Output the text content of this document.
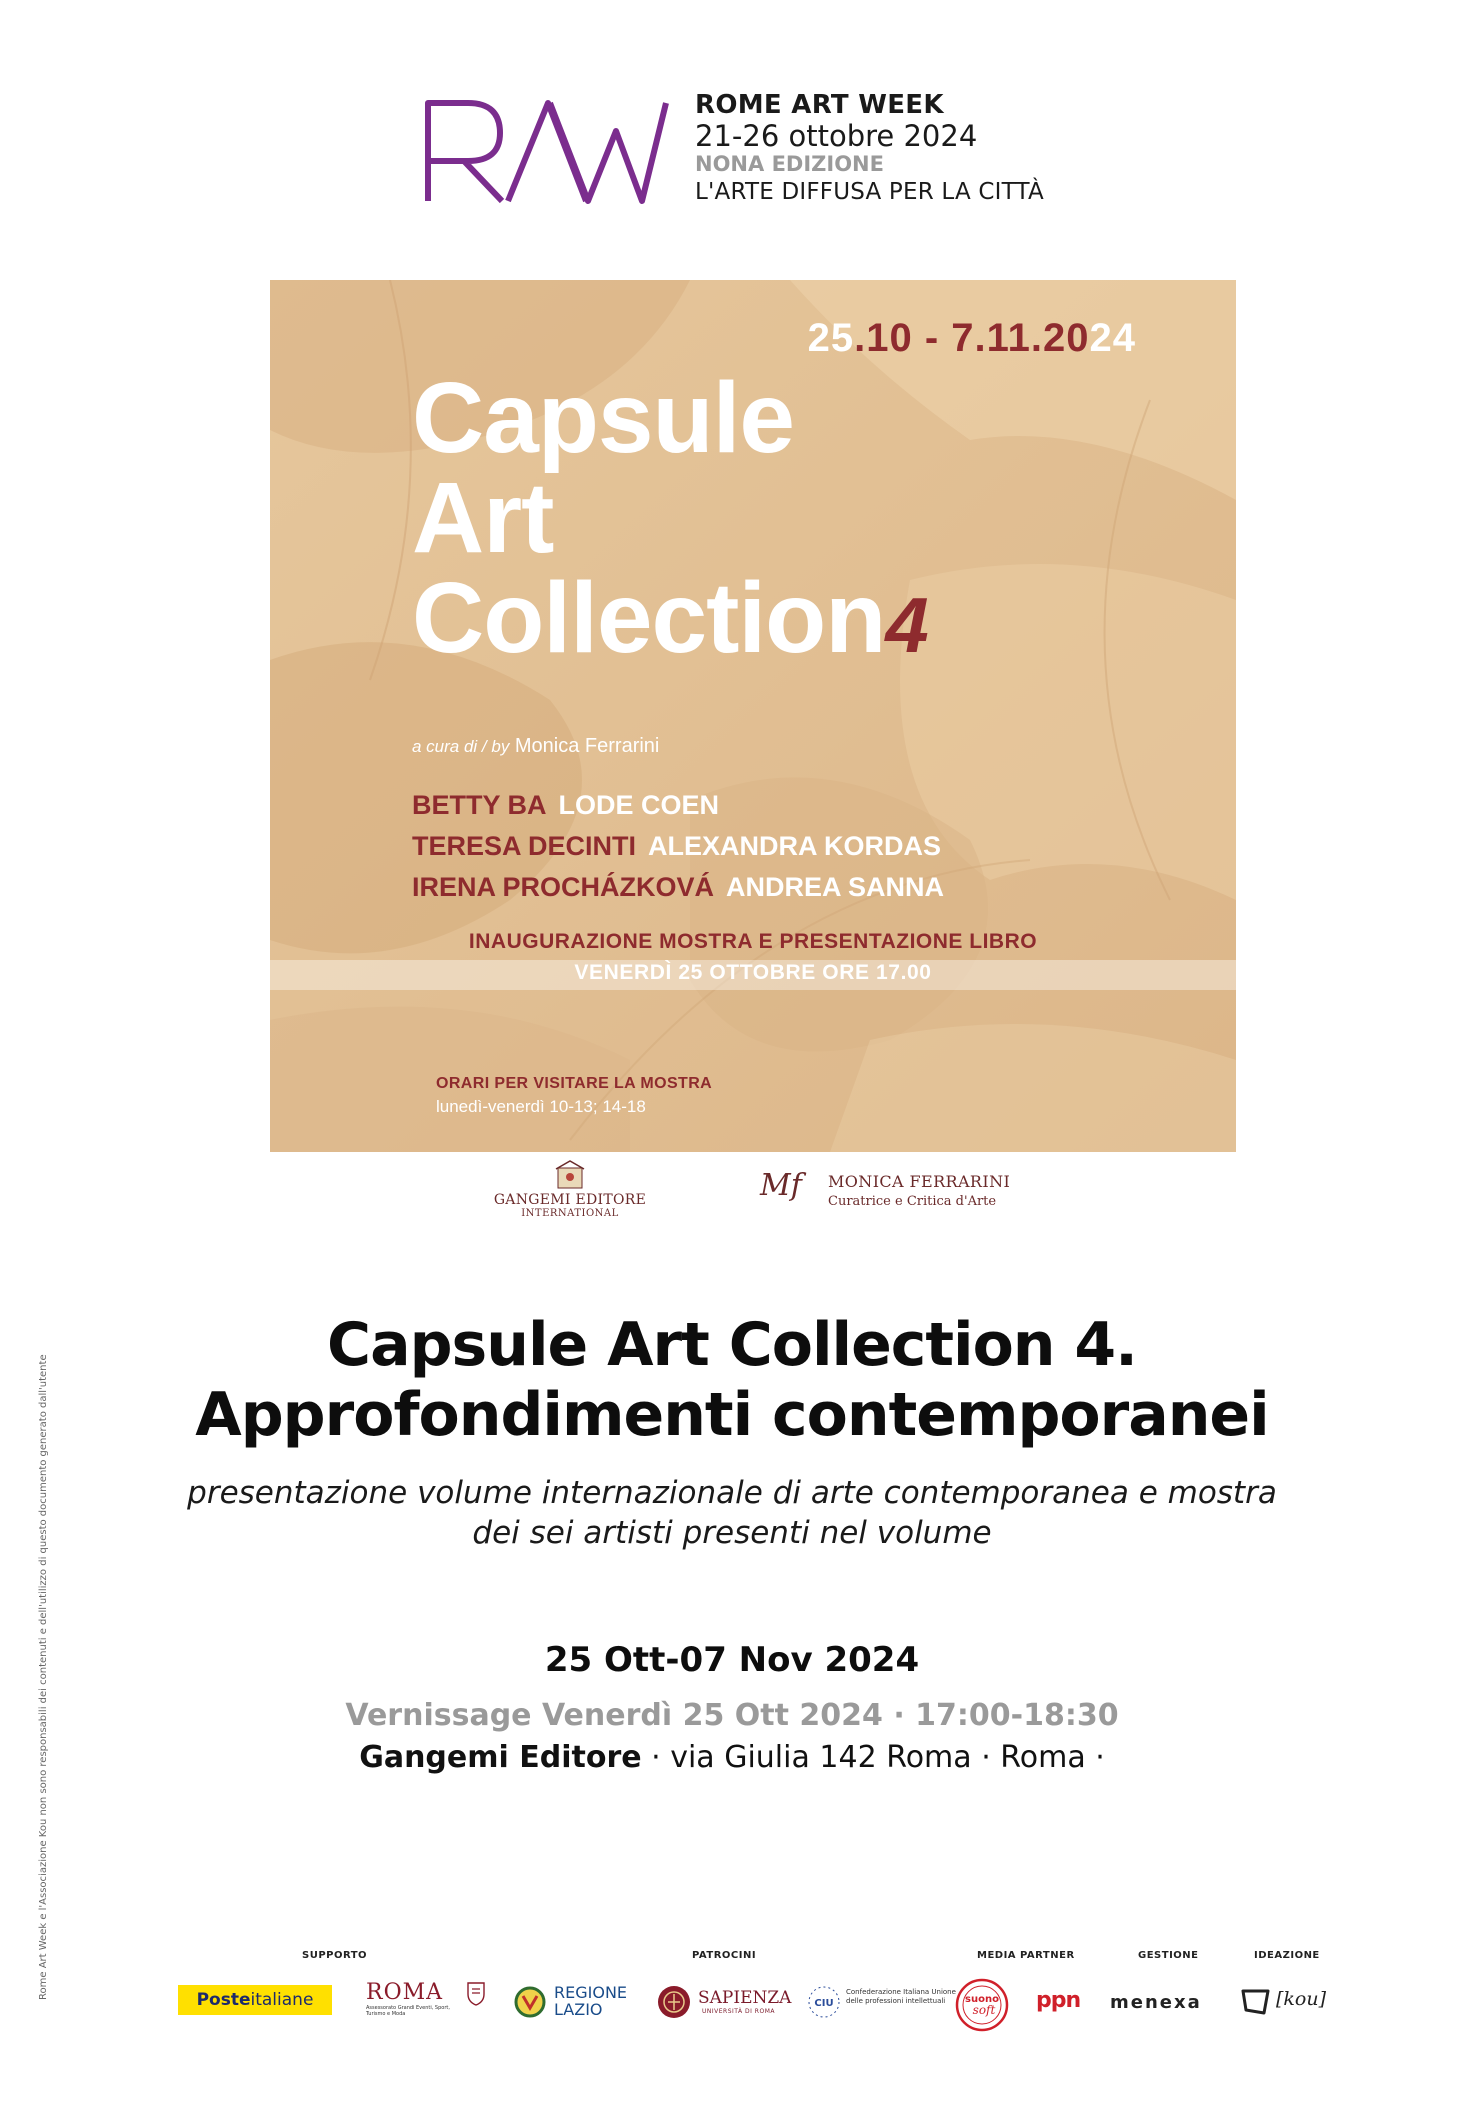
ROME ART WEEK
21-26 ottobre 2024
NONA EDIZIONE
L'ARTE DIFFUSA PER LA CITTÀ
25.10 - 7.11.2024
Capsule
Art
Collection4
a cura di / by Monica Ferrarini
BETTY BA LODE COEN
TERESA DECINTI ALEXANDRA KORDAS
IRENA PROCHÁZKOVÁ ANDREA SANNA
INAUGURAZIONE MOSTRA E PRESENTAZIONE LIBRO
VENERDÌ 25 OTTOBRE ORE 17.00
ORARI PER VISITARE LA MOSTRA
lunedì-venerdì 10-13; 14-18
GANGEMI EDITORE
INTERNATIONAL
Mf MONICA FERRARINI
Curatrice e Critica d'Arte
Capsule Art Collection 4.
Approfondimenti contemporanei
presentazione volume internazionale di arte contemporanea e mostra
dei sei artisti presenti nel volume
25 Ott-07 Nov 2024
Vernissage Venerdì 25 Ott 2024 · 17:00-18:30
Gangemi Editore · via Giulia 142 Roma · Roma ·
Rome Art Week e l'Associazione Kou non sono responsabili dei contenuti e dell'utilizzo di questo documento generato dall'utente	SUPPORTO	PATROCINI	MEDIA PARTNER	GESTIONE	IDEAZIONE
Posteitaliane	ROMA
Assessorato Grandi Eventi, Sport, Turismo e Moda
REGIONE LAZIO
SAPIENZA
UNIVERSITÀ DI ROMA
CIU
Confederazione Italiana Unione delle professioni intellettuali	suono
soft ppn menexa	[kou]
